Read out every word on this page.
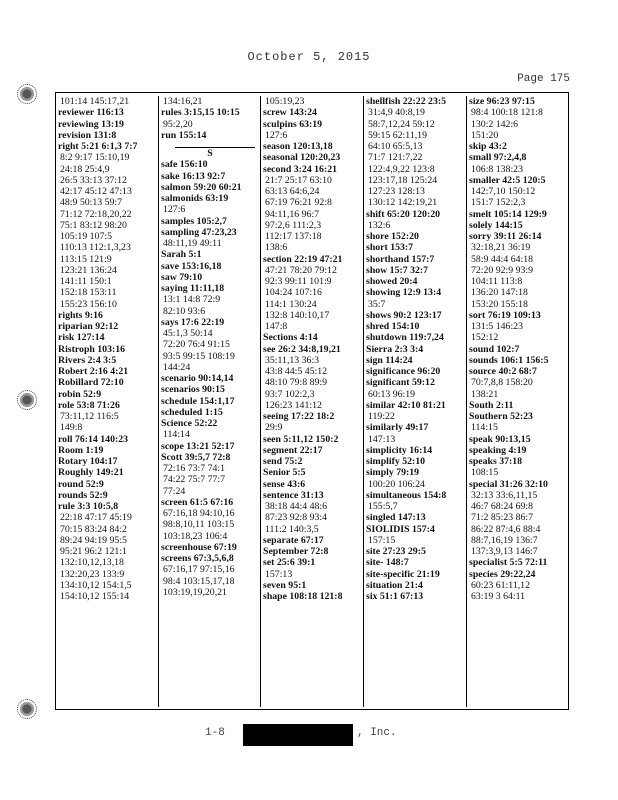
October 5, 2015
Page 175
101:14 145:17,21
reviewer 116:13
reviewing 13:19
revision 131:8
right 5:21 6:1,3 7:7
8:2 9:17 15:10,19
24:18 25:4,9
26:5 33:13 37:12
42:17 45:12 47:13
48:9 50:13 59:7
71:12 72:18,20,22
75:1 83:12 98:20
105:19 107:5
110:13 112:1,3,23
113:15 121:9
123:21 136:24
141:11 150:1
152:18 153:11
155:23 156:10
rights 9:16
riparian 92:12
risk 127:14
Ristroph 103:16
Rivers 2:4 3:5
Robert 2:16 4:21
Robillard 72:10
robin 52:9
role 53:8 71:26
73:11,12 116:5
149:8
roll 76:14 140:23
Room 1:19
Rotary 104:17
Roughly 149:21
round 52:9
rounds 52:9
rule 3:3 10:5,8
22:18 47:17 45:19
70:15 83:24 84:2
89:24 94:19 95:5
95:21 96:2 121:1
132:10,12,13,18
132:20,23 133:9
134:10,12 154:1,5
154:10,12 155:14
134:16,21
rules 3:15,15 10:15
95:2,20
run 155:14
S
safe 156:10
sake 16:13 92:7
salmon 59:20 60:21
salmonids 63:19
127:6
samples 105:2,7
sampling 47:23,23
48:11,19 49:11
Sarah 5:1
save 153:16,18
saw 79:10
saying 11:11,18
13:1 14:8 72:9
82:10 93:6
says 17:6 22:19
45:1,3 50:14
72:20 76:4 91:15
93:5 99:15 108:19
144:24
scenario 90:14,14
scenarios 90:15
schedule 154:1,17
scheduled 1:15
Science 52:22
114:14
scope 13:21 52:17
Scott 39:5,7 72:8
72:16 73:7 74:1
74:22 75:7 77:7
77:24
screen 61:5 67:16
67:16,18 94:10,16
98:8,10,11 103:15
103:18,23 106:4
screenhouse 67:19
screens 67:3,5,6,8
67:16,17 97:15,16
98:4 103:15,17,18
103:19,19,20,21
105:19,23
screw 143:24
sculpins 63:19
127:6
season 120:13,18
seasonal 120:20,23
second 3:24 16:21
21:7 25:17 63:10
63:13 64:6,24
67:19 76:21 92:8
94:11,16 96:7
97:2,6 111:2,3
112:17 137:18
138:6
section 22:19 47:21
47:21 78:20 79:12
92:3 99:11 101:9
104:24 107:16
114:1 130:24
132:8 140:10,17
147:8
Sections 4:14
see 26:2 34:8,19,21
35:11,13 36:3
43:8 44:5 45:12
48:10 79:8 89:9
93:7 102:2,3
126:23 141:12
seeing 17:22 18:2
29:9
seen 5:11,12 150:2
segment 22:17
send 75:2
Senior 5:5
sense 43:6
sentence 31:13
38:18 44:4 48:6
87:23 92:8 93:4
111:2 140:3,5
separate 67:17
September 72:8
set 25:6 39:1
157:13
seven 95:1
shape 108:18 121:8
shellfish 22:22 23:5
31:4,9 40:8,19
58:7,12,24 59:12
59:15 62:11,19
64:10 65:5,13
71:7 121:7,22
122:4,9,22 123:8
123:17,18 125:24
127:23 128:13
130:12 142:19,21
shift 65:20 120:20
132:6
shore 152:20
short 153:7
shorthand 157:7
show 15:7 32:7
showed 20:4
showing 12:9 13:4
35:7
shows 90:2 123:17
shred 154:10
shutdown 119:7,24
Sierra 2:3 3:4
sign 114:24
significance 96:20
significant 59:12
60:13 96:19
similar 42:10 81:21
119:22
similarly 49:17
147:13
simplicity 16:14
simplify 52:10
simply 79:19
100:20 106:24
simultaneous 154:8
155:5,7
singled 147:13
SIOLIDIS 157:4
157:15
site 27:23 29:5
site- 148:7
site-specific 21:19
situation 21:4
six 51:1 67:13
size 96:23 97:15
98:4 100:18 121:8
130:2 142:6
151:20
skip 43:2
small 97:2,4,8
106:8 138:23
smaller 42:5 120:5
142:7,10 150:12
151:7 152:2,3
smelt 105:14 129:9
solely 144:15
sorry 39:11 26:14
32:18,21 36:19
58:9 44:4 64:18
72:20 92:9 93:9
104:11 113:8
136:20 147:18
153:20 155:18
sort 76:19 109:13
131:5 146:23
152:12
sound 102:7
sounds 106:1 156:5
source 40:2 68:7
70:7,8,8 158:20
138:21
South 2:11
Southern 52:23
114:15
speak 90:13,15
speaking 4:19
speaks 37:18
108:15
special 31:26 32:10
32:13 33:6,11,15
46:7 68:24 69:8
71:2 85:23 86:7
86:22 87:4,6 88:4
88:7,16,19 136:7
137:3,9,13 146:7
specialist 5:5 72:11
species 29:22,24
60:23 61:11,12
63:19 3 64:11
1-8	, Inc.
